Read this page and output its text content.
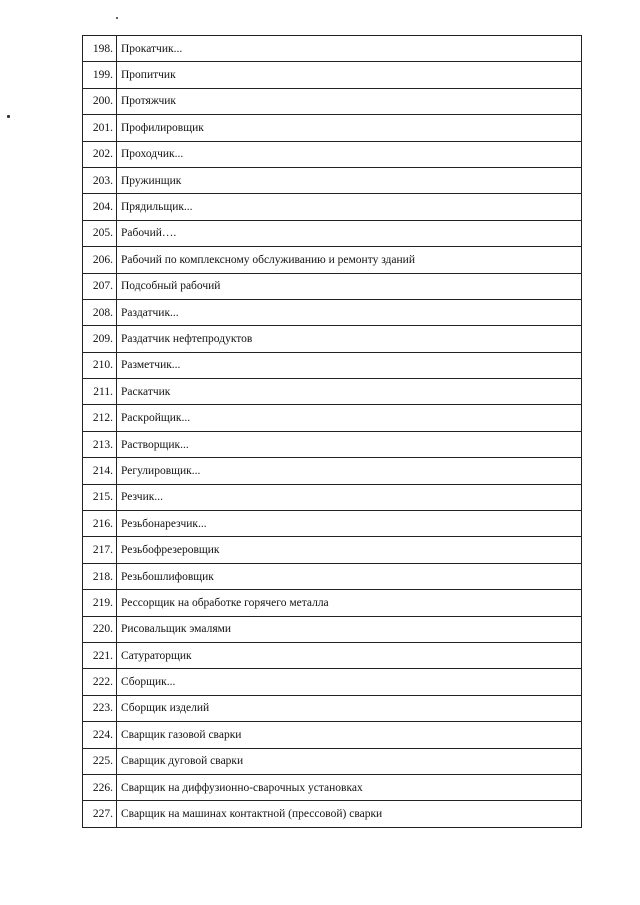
198.	Прокатчик...
199.	Пропитчик
200.	Протяжчик
201.	Профилировщик
202.	Проходчик...
203.	Пружинщик
204.	Прядильщик...
205.	Рабочий….
206.	Рабочий по комплексному обслуживанию и ремонту зданий
207.	Подсобный рабочий
208.	Раздатчик...
209.	Раздатчик нефтепродуктов
210.	Разметчик...
211.	Раскатчик
212.	Раскройщик...
213.	Растворщик...
214.	Регулировщик...
215.	Резчик...
216.	Резьбонарезчик...
217.	Резьбофрезеровщик
218.	Резьбошлифовщик
219.	Рессорщик на обработке горячего металла
220.	Рисовальщик эмалями
221.	Сатураторщик
222.	Сборщик...
223.	Сборщик изделий
224.	Сварщик газовой сварки
225.	Сварщик дуговой сварки
226.	Сварщик на диффузионно-сварочных установках
227.	Сварщик на машинах контактной (прессовой) сварки
